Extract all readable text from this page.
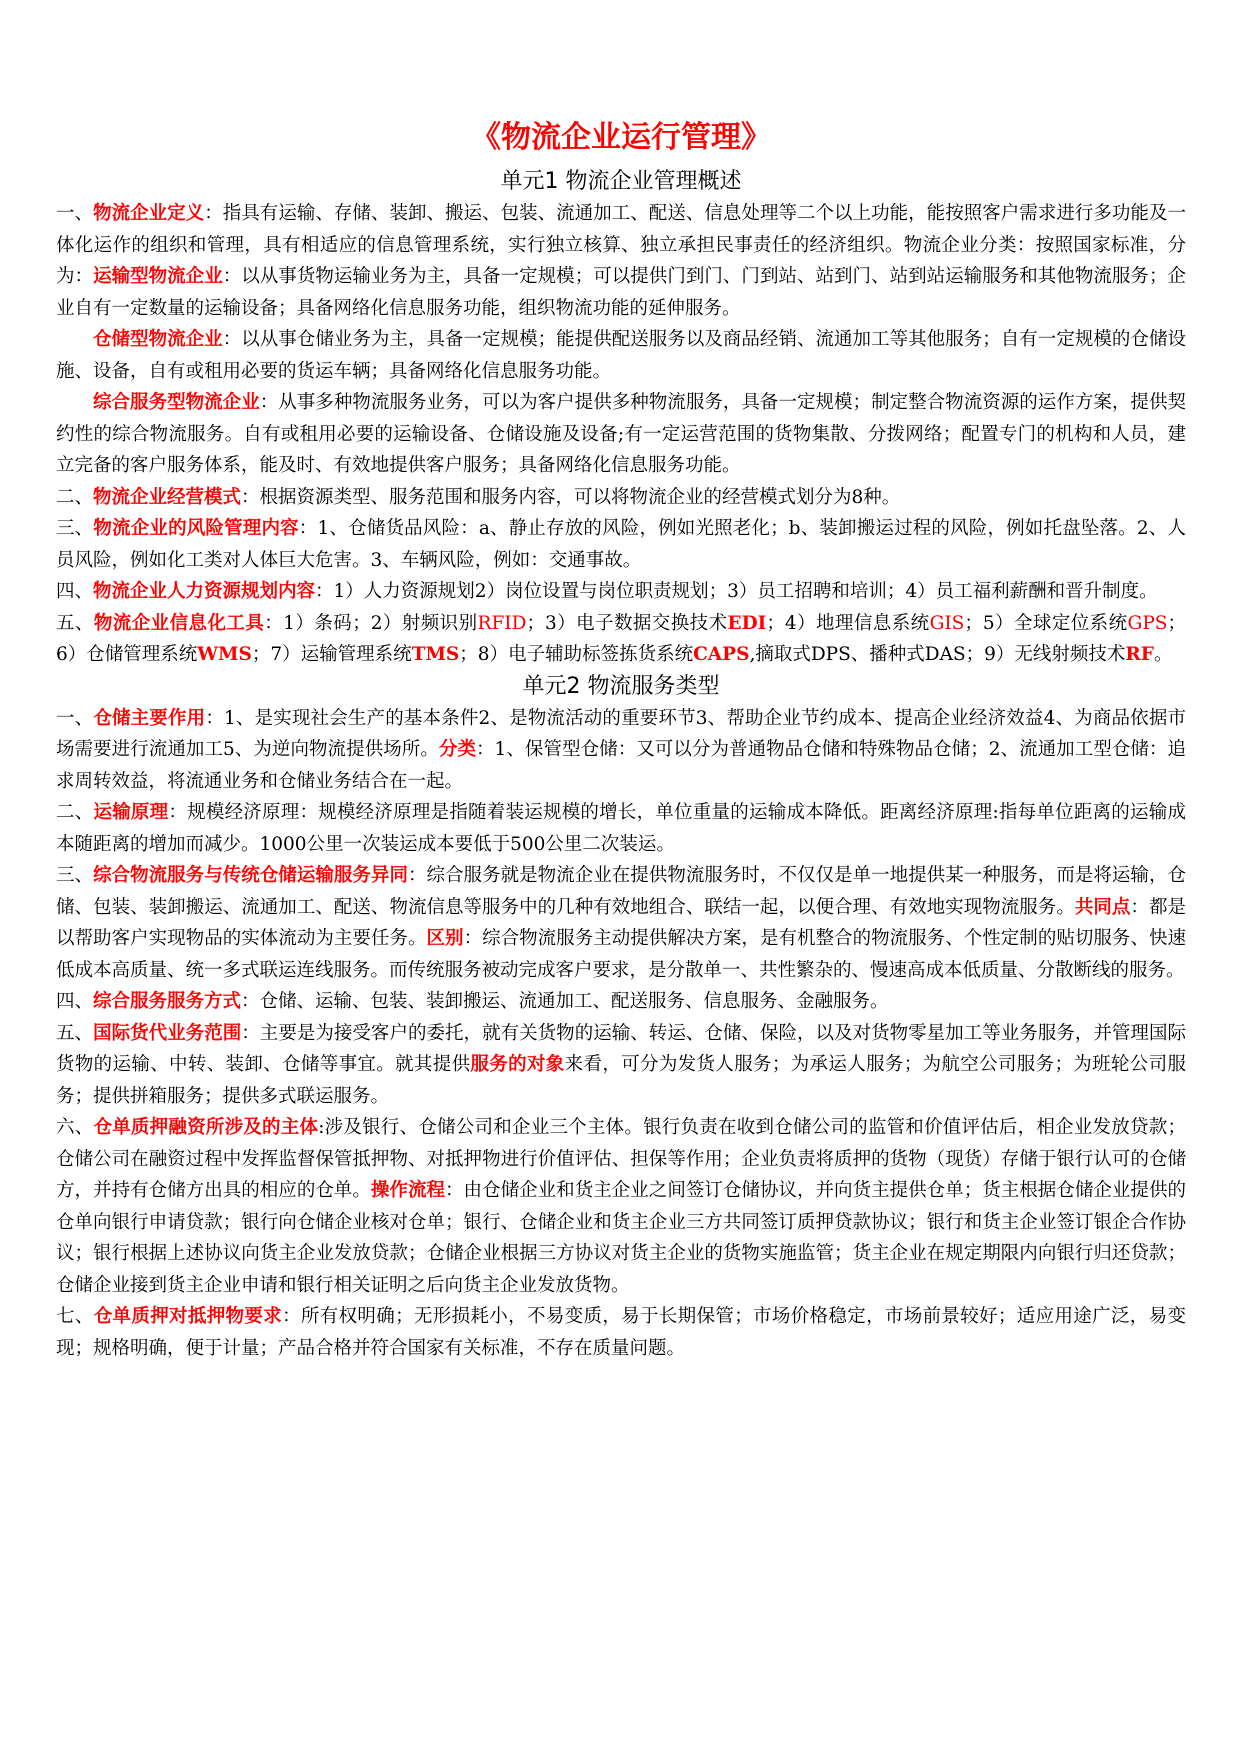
《物流企业运行管理》
单元1 物流企业管理概述

一、物流企业定义：指具有运输、存储、装卸、搬运、包装、流通加工、配送、信息处理等二个以上功能，能按照客户需求进行多功能及一体化运作的组织和管理，具有相适应的信息管理系统，实行独立核算、独立承担民事责任的经济组织。物流企业分类：按照国家标准，分为：运输型物流企业：以从事货物运输业务为主，具备一定规模；可以提供门到门、门到站、站到门、站到站运输服务和其他物流服务；企业自有一定数量的运输设备；具备网络化信息服务功能，组织物流功能的延伸服务。

仓储型物流企业：以从事仓储业务为主，具备一定规模；能提供配送服务以及商品经销、流通加工等其他服务；自有一定规模的仓储设施、设备，自有或租用必要的货运车辆；具备网络化信息服务功能。

综合服务型物流企业：从事多种物流服务业务，可以为客户提供多种物流服务，具备一定规模；制定整合物流资源的运作方案，提供契约性的综合物流服务。自有或租用必要的运输设备、仓储设施及设备;有一定运营范围的货物集散、分拨网络；配置专门的机构和人员，建立完备的客户服务体系，能及时、有效地提供客户服务；具备网络化信息服务功能。

二、物流企业经营模式：根据资源类型、服务范围和服务内容，可以将物流企业的经营模式划分为8种。

三、物流企业的风险管理内容：1、仓储货品风险：a、静止存放的风险，例如光照老化；b、装卸搬运过程的风险，例如托盘坠落。2、人员风险，例如化工类对人体巨大危害。3、车辆风险，例如：交通事故。

四、物流企业人力资源规划内容：1）人力资源规划2）岗位设置与岗位职责规划；3）员工招聘和培训；4）员工福利薪酬和晋升制度。

五、物流企业信息化工具：1）条码；2）射频识别RFID；3）电子数据交换技术EDI；4）地理信息系统GIS；5）全球定位系统GPS；6）仓储管理系统WMS；7）运输管理系统TMS；8）电子辅助标签拣货系统CAPS,摘取式DPS、播种式DAS；9）无线射频技术RF。

单元2 物流服务类型

一、仓储主要作用：1、是实现社会生产的基本条件2、是物流活动的重要环节3、帮助企业节约成本、提高企业经济效益4、为商品依据市场需要进行流通加工5、为逆向物流提供场所。分类：1、保管型仓储：又可以分为普通物品仓储和特殊物品仓储；2、流通加工型仓储：追求周转效益，将流通业务和仓储业务结合在一起。

二、运输原理：规模经济原理：规模经济原理是指随着装运规模的增长，单位重量的运输成本降低。距离经济原理:指每单位距离的运输成本随距离的增加而减少。1000公里一次装运成本要低于500公里二次装运。

三、综合物流服务与传统仓储运输服务异同：综合服务就是物流企业在提供物流服务时，不仅仅是单一地提供某一种服务，而是将运输，仓储、包装、装卸搬运、流通加工、配送、物流信息等服务中的几种有效地组合、联结一起，以便合理、有效地实现物流服务。共同点：都是以帮助客户实现物品的实体流动为主要任务。区别：综合物流服务主动提供解决方案，是有机整合的物流服务、个性定制的贴切服务、快速低成本高质量、统一多式联运连线服务。而传统服务被动完成客户要求，是分散单一、共性繁杂的、慢速高成本低质量、分散断线的服务。

四、综合服务服务方式：仓储、运输、包装、装卸搬运、流通加工、配送服务、信息服务、金融服务。

五、国际货代业务范围：主要是为接受客户的委托，就有关货物的运输、转运、仓储、保险，以及对货物零星加工等业务服务，并管理国际货物的运输、中转、装卸、仓储等事宜。就其提供服务的对象来看，可分为发货人服务；为承运人服务；为航空公司服务；为班轮公司服务；提供拼箱服务；提供多式联运服务。

六、仓单质押融资所涉及的主体:涉及银行、仓储公司和企业三个主体。银行负责在收到仓储公司的监管和价值评估后，相企业发放贷款；仓储公司在融资过程中发挥监督保管抵押物、对抵押物进行价值评估、担保等作用；企业负责将质押的货物（现货）存储于银行认可的仓储方，并持有仓储方出具的相应的仓单。操作流程：由仓储企业和货主企业之间签订仓储协议，并向货主提供仓单；货主根据仓储企业提供的仓单向银行申请贷款；银行向仓储企业核对仓单；银行、仓储企业和货主企业三方共同签订质押贷款协议；银行和货主企业签订银企合作协议；银行根据上述协议向货主企业发放贷款；仓储企业根据三方协议对货主企业的货物实施监管；货主企业在规定期限内向银行归还贷款；仓储企业接到货主企业申请和银行相关证明之后向货主企业发放货物。

七、仓单质押对抵押物要求：所有权明确；无形损耗小，不易变质，易于长期保管；市场价格稳定，市场前景较好；适应用途广泛，易变现；规格明确，便于计量；产品合格并符合国家有关标准，不存在质量问题。
